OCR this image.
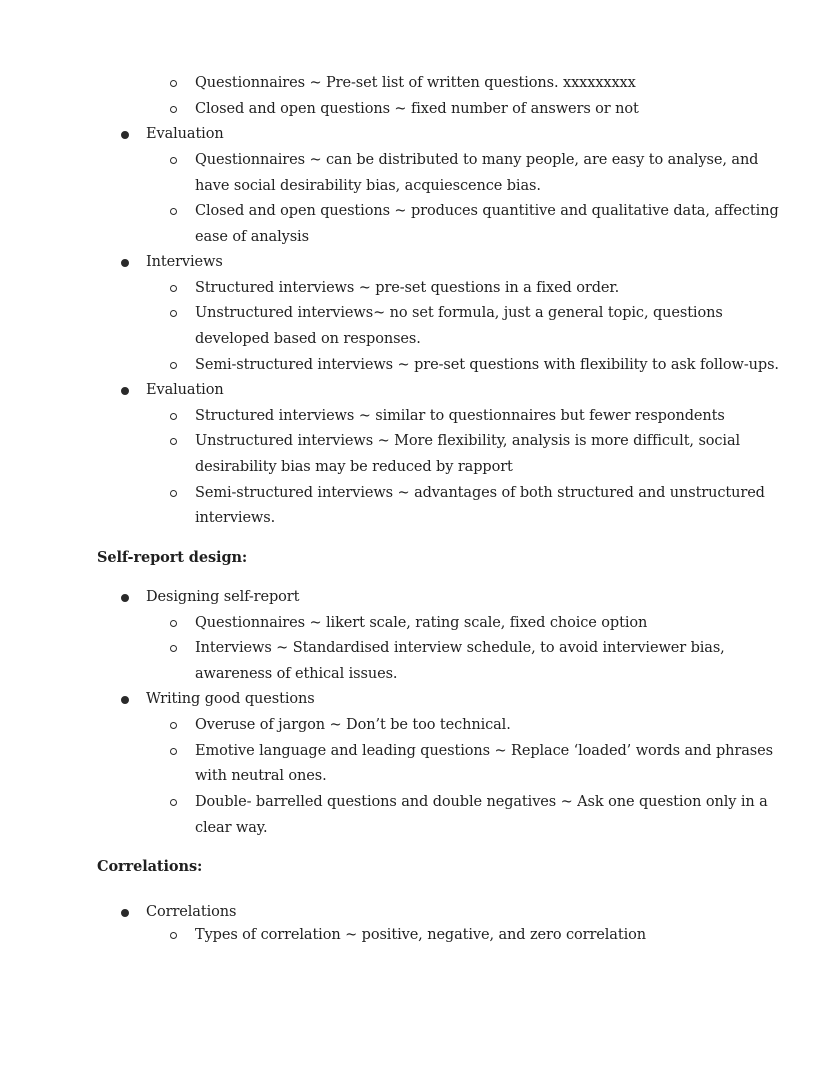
Questionnaires ~ Pre-set list of written questions. xxxxxxxxx
Closed and open questions ~ fixed number of answers or not
Evaluation
Questionnaires ~ can be distributed to many people, are easy to analyse, and
have social desirability bias, acquiescence bias.
Closed and open questions ~ produces quantitive and qualitative data, affecting
ease of analysis
Interviews
Structured interviews ~ pre-set questions in a fixed order.
Unstructured interviews~ no set formula, just a general topic, questions
developed based on responses.
Semi-structured interviews ~ pre-set questions with flexibility to ask follow-ups.
Evaluation
Structured interviews ~ similar to questionnaires but fewer respondents
Unstructured interviews ~ More flexibility, analysis is more difficult, social
desirability bias may be reduced by rapport
Semi-structured interviews ~ advantages of both structured and unstructured
interviews.
Self-report design:
Designing self-report
Questionnaires ~ likert scale, rating scale, fixed choice option
Interviews ~ Standardised interview schedule, to avoid interviewer bias,
awareness of ethical issues.
Writing good questions
Overuse of jargon ~ Don’t be too technical.
Emotive language and leading questions ~ Replace ‘loaded’ words and phrases
with neutral ones.
Double- barrelled questions and double negatives ~ Ask one question only in a
clear way.
Correlations:
Correlations
Types of correlation ~ positive, negative, and zero correlation
